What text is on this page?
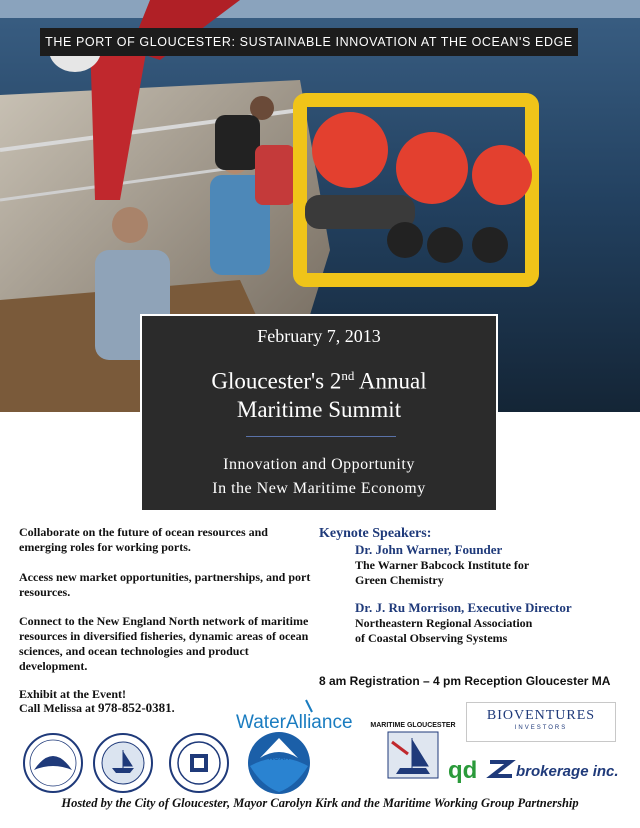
THE PORT OF GLOUCESTER: SUSTAINABLE INNOVATION AT THE OCEAN'S EDGE
February 7, 2013
Gloucester's 2nd Annual
Maritime Summit
Innovation and Opportunity
In the New Maritime Economy
Collaborate on the future of ocean resources and emerging roles for working ports.
Access new market opportunities, partnerships, and port resources.
Connect to the New England North network of maritime resources in diversified fisheries, dynamic areas of ocean sciences, and ocean technologies and product development.
Keynote Speakers:
Dr. John Warner, Founder
The Warner Babcock Institute for
Green Chemistry
Dr. J. Ru Morrison, Executive Director
Northeastern Regional Association
of Coastal Observing Systems
8 am Registration – 4 pm Reception Gloucester MA
Exhibit at the Event!
Call Melissa at 978-852-0381.
NOAA
WaterAlliance	MARITIME GLOUCESTER
BIOVENTURES
INVESTORS
qd	brokerage inc.
Hosted by the City of Gloucester, Mayor Carolyn Kirk and the Maritime Working Group Partnership
